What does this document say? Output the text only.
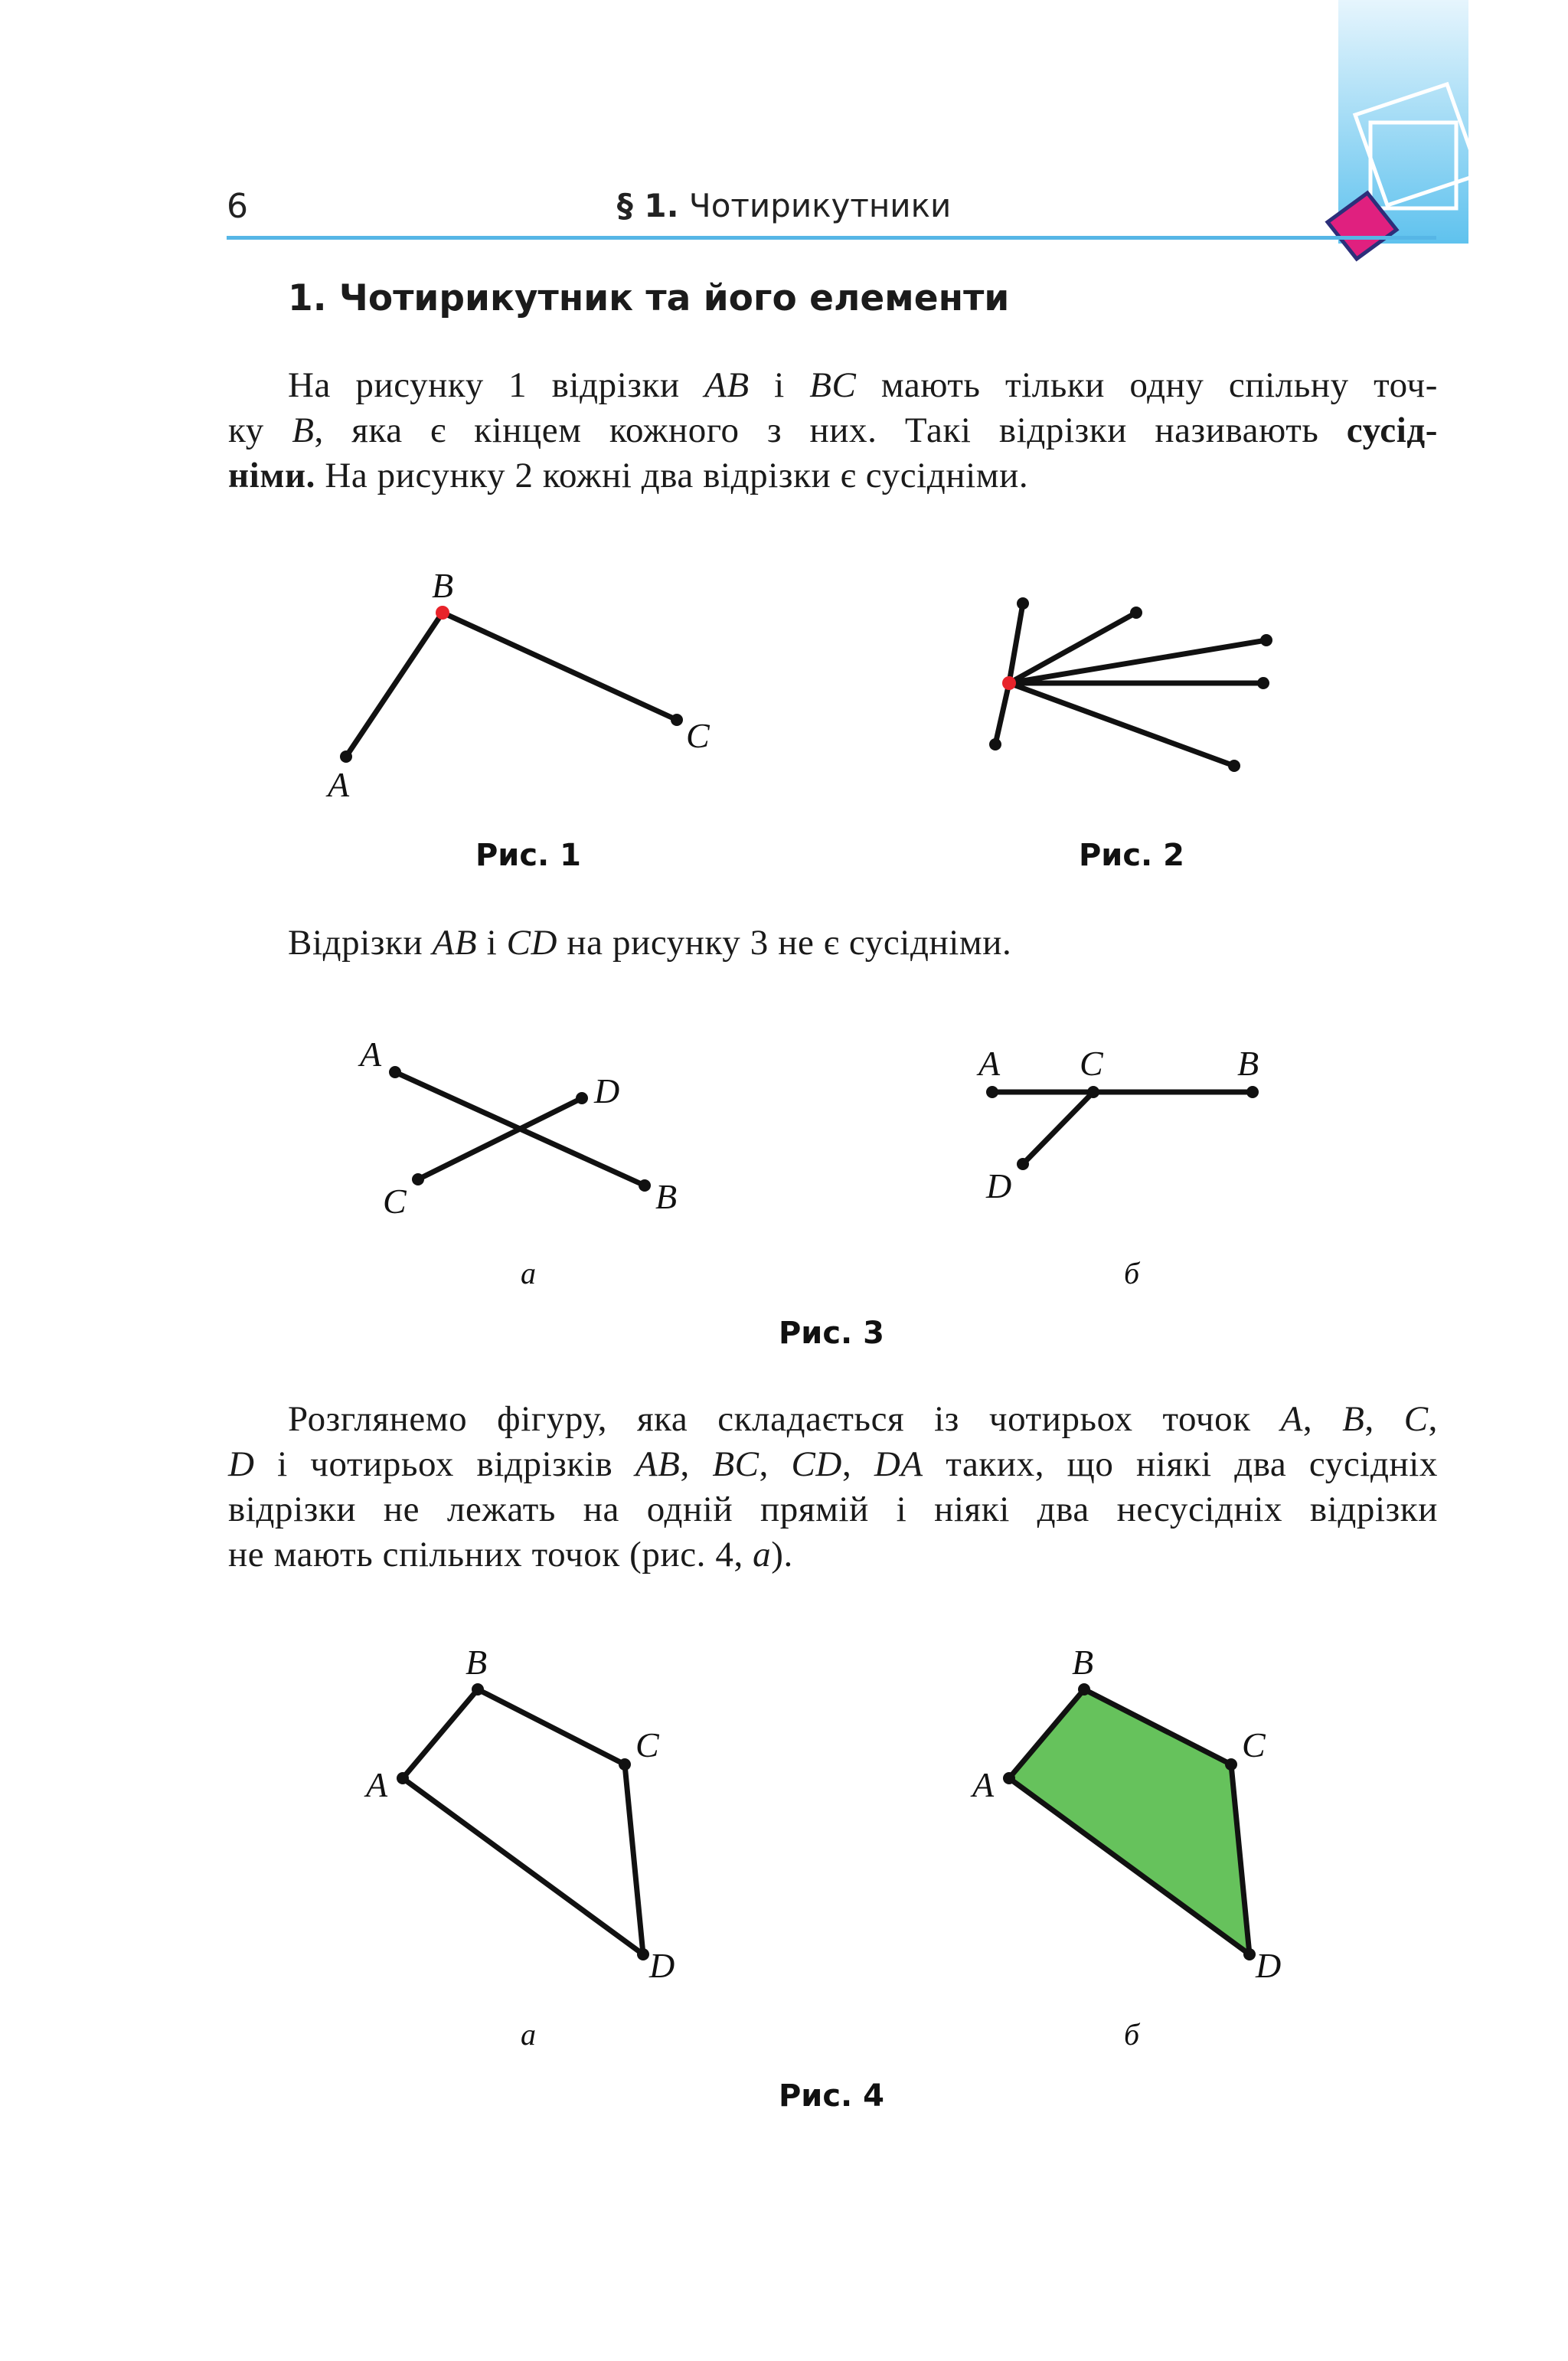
6	§ 1. Чотирикутники
1. Чотирикутник та його елементи
На рисунку 1 відрізки AB і BC мають тільки одну спільну точ-
ку B, яка є кінцем кожного з них. Такі відрізки називають сусід-
німи. На рисунку 2 кожні два відрізки є сусідніми.
B
C
A
Рис. 1	Рис. 2
Відрізки AB і CD на рисунку 3 не є сусідніми.
A
D
C	B
а
A C	B
D
б
Рис. 3
Розглянемо фігуру, яка складається із чотирьох точок A, B, C,
D і чотирьох відрізків AB, BC, CD, DA таких, що ніякі два сусідніх
відрізки не лежать на одній прямій і ніякі два несусідніх відрізки
не мають спільних точок (рис. 4, a).
B
C
A
D
а
B
C
A
D
б
Рис. 4
